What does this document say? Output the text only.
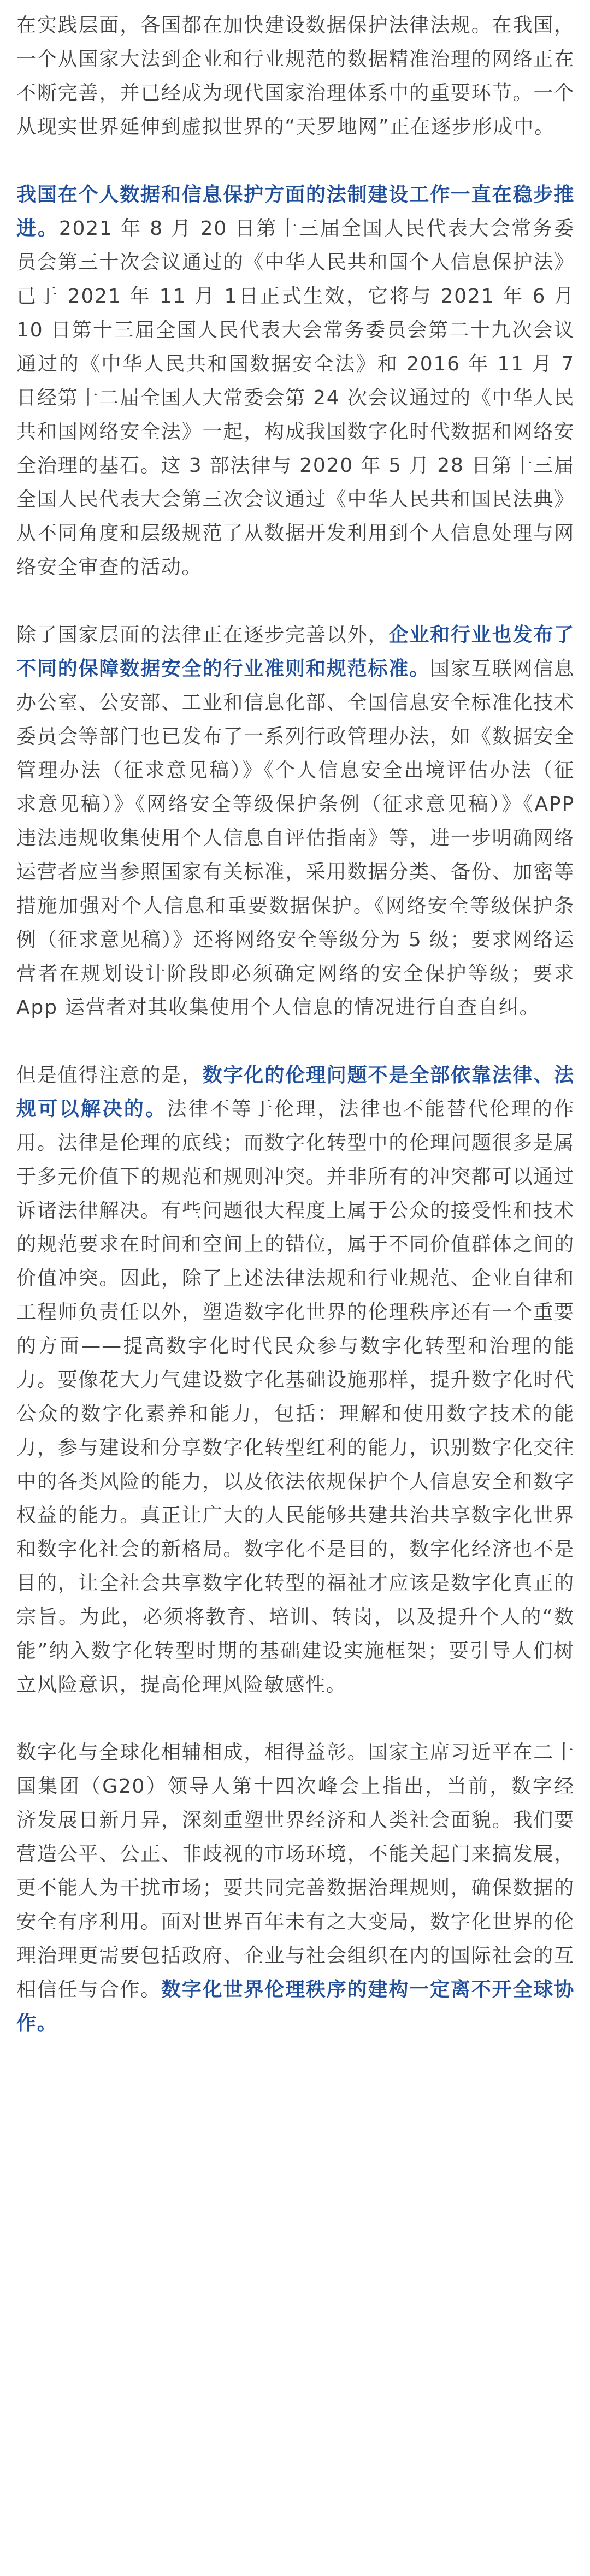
在实践层面，各国都在加快建设数据保护法律法规。在我国，一个从国家大法到企业和行业规范的数据精准治理的网络正在不断完善，并已经成为现代国家治理体系中的重要环节。一个从现实世界延伸到虚拟世界的“天罗地网”正在逐步形成中。

我国在个人数据和信息保护方面的法制建设工作一直在稳步推进。2021 年 8 月 20 日第十三届全国人民代表大会常务委员会第三十次会议通过的《中华人民共和国个人信息保护法》已于 2021 年 11 月 1日正式生效，它将与 2021 年 6 月 10 日第十三届全国人民代表大会常务委员会第二十九次会议通过的《中华人民共和国数据安全法》和 2016 年 11 月 7 日经第十二届全国人大常委会第 24 次会议通过的《中华人民共和国网络安全法》一起，构成我国数字化时代数据和网络安全治理的基石。这 3 部法律与 2020 年 5 月 28 日第十三届全国人民代表大会第三次会议通过《中华人民共和国民法典》从不同角度和层级规范了从数据开发利用到个人信息处理与网络安全审查的活动。

除了国家层面的法律正在逐步完善以外，企业和行业也发布了不同的保障数据安全的行业准则和规范标准。国家互联网信息办公室、公安部、工业和信息化部、全国信息安全标准化技术委员会等部门也已发布了一系列行政管理办法，如《数据安全管理办法（征求意见稿）》《个人信息安全出境评估办法（征求意见稿）》《网络安全等级保护条例（征求意见稿）》《APP 违法违规收集使用个人信息自评估指南》等，进一步明确网络运营者应当参照国家有关标准，采用数据分类、备份、加密等措施加强对个人信息和重要数据保护。《网络安全等级保护条例（征求意见稿）》还将网络安全等级分为 5 级；要求网络运营者在规划设计阶段即必须确定网络的安全保护等级；要求 App 运营者对其收集使用个人信息的情况进行自查自纠。

但是值得注意的是，数字化的伦理问题不是全部依靠法律、法规可以解决的。法律不等于伦理，法律也不能替代伦理的作用。法律是伦理的底线；而数字化转型中的伦理问题很多是属于多元价值下的规范和规则冲突。并非所有的冲突都可以通过诉诸法律解决。有些问题很大程度上属于公众的接受性和技术的规范要求在时间和空间上的错位，属于不同价值群体之间的价值冲突。因此，除了上述法律法规和行业规范、企业自律和工程师负责任以外，塑造数字化世界的伦理秩序还有一个重要的方面——提高数字化时代民众参与数字化转型和治理的能力。要像花大力气建设数字化基础设施那样，提升数字化时代公众的数字化素养和能力，包括：理解和使用数字技术的能力，参与建设和分享数字化转型红利的能力，识别数字化交往中的各类风险的能力，以及依法依规保护个人信息安全和数字权益的能力。真正让广大的人民能够共建共治共享数字化世界和数字化社会的新格局。数字化不是目的，数字化经济也不是目的，让全社会共享数字化转型的福祉才应该是数字化真正的宗旨。为此，必须将教育、培训、转岗，以及提升个人的“数能”纳入数字化转型时期的基础建设实施框架；要引导人们树立风险意识，提高伦理风险敏感性。

数字化与全球化相辅相成，相得益彰。国家主席习近平在二十国集团（G20）领导人第十四次峰会上指出，当前，数字经济发展日新月异，深刻重塑世界经济和人类社会面貌。我们要营造公平、公正、非歧视的市场环境，不能关起门来搞发展，更不能人为干扰市场；要共同完善数据治理规则，确保数据的安全有序利用。面对世界百年未有之大变局，数字化世界的伦理治理更需要包括政府、企业与社会组织在内的国际社会的互相信任与合作。数字化世界伦理秩序的建构一定离不开全球协作。
